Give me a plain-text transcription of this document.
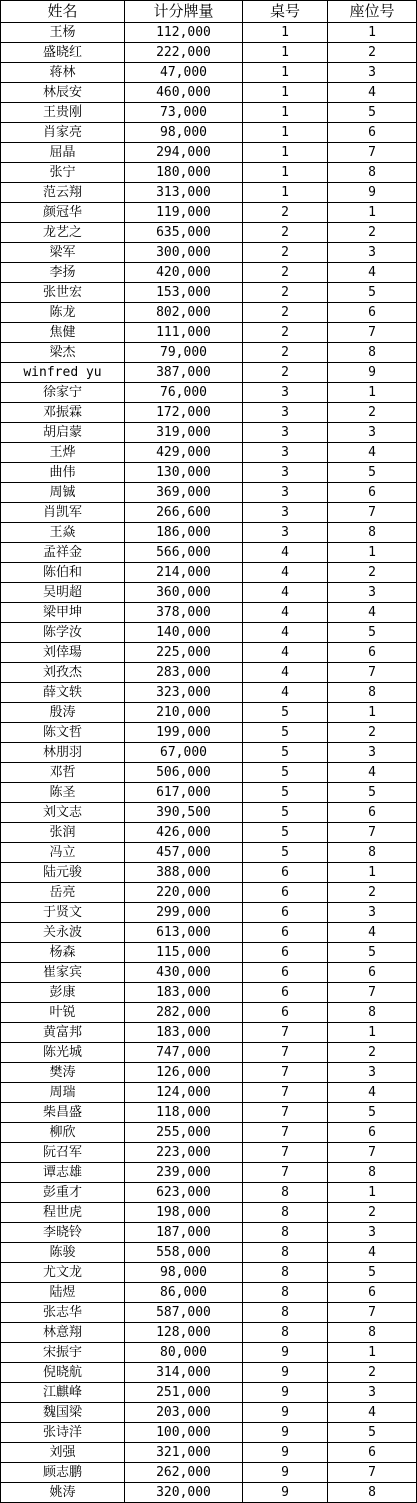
姓名	计分牌量	桌号	座位号
王杨	112,000	1	1
盛晓红	222,000	1	2
蒋林	47,000	1	3
林辰安	460,000	1	4
王贵刚	73,000	1	5
肖家亮	98,000	1	6
屈晶	294,000	1	7
张宁	180,000	1	8
范云翔	313,000	1	9
颜冠华	119,000	2	1
龙艺之	635,000	2	2
梁军	300,000	2	3
李扬	420,000	2	4
张世宏	153,000	2	5
陈龙	802,000	2	6
焦健	111,000	2	7
梁杰	79,000	2	8
winfred yu	387,000	2	9
徐家宁	76,000	3	1
邓振霖	172,000	3	2
胡启蒙	319,000	3	3
王烨	429,000	3	4
曲伟	130,000	3	5
周铖	369,000	3	6
肖凯军	266,600	3	7
王焱	186,000	3	8
孟祥金	566,000	4	1
陈伯和	214,000	4	2
吴明超	360,000	4	3
梁甲坤	378,000	4	4
陈学汝	140,000	4	5
刘倖瑒	225,000	4	6
刘孜杰	283,000	4	7
薛文轶	323,000	4	8
殷涛	210,000	5	1
陈文哲	199,000	5	2
林朋羽	67,000	5	3
邓哲	506,000	5	4
陈圣	617,000	5	5
刘文志	390,500	5	6
张润	426,000	5	7
冯立	457,000	5	8
陆元骏	388,000	6	1
岳亮	220,000	6	2
于贤文	299,000	6	3
关永波	613,000	6	4
杨森	115,000	6	5
崔家宾	430,000	6	6
彭康	183,000	6	7
叶锐	282,000	6	8
黄富邦	183,000	7	1
陈光城	747,000	7	2
樊涛	126,000	7	3
周瑞	124,000	7	4
柴昌盛	118,000	7	5
柳欣	255,000	7	6
阮召军	223,000	7	7
谭志雄	239,000	7	8
彭重才	623,000	8	1
程世虎	198,000	8	2
李晓铃	187,000	8	3
陈骏	558,000	8	4
尤文龙	98,000	8	5
陆煜	86,000	8	6
张志华	587,000	8	7
林意翔	128,000	8	8
宋振宇	80,000	9	1
倪晓航	314,000	9	2
江麒峰	251,000	9	3
魏国梁	203,000	9	4
张诗洋	100,000	9	5
刘强	321,000	9	6
顾志鹏	262,000	9	7
姚涛	320,000	9	8
